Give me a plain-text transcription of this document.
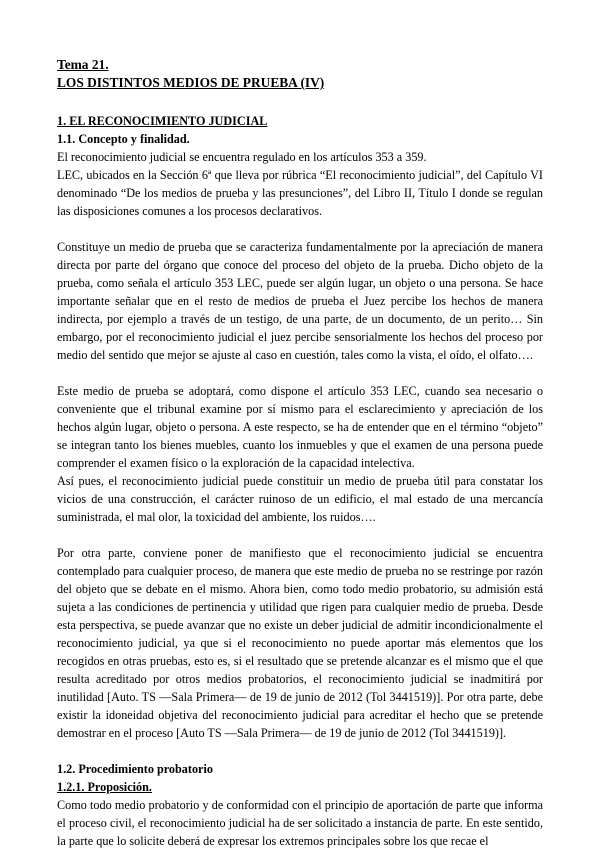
Tema 21.

LOS DISTINTOS MEDIOS DE PRUEBA (IV)

1. EL RECONOCIMIENTO JUDICIAL

1.1. Concepto y finalidad.

El reconocimiento judicial se encuentra regulado en los artículos 353 a 359.

LEC, ubicados en la Sección 6ª que lleva por rúbrica “El reconocimiento judicial”, del Capítulo VI denominado “De los medios de prueba y las presunciones”, del Libro II, Título I donde se regulan las disposiciones comunes a los procesos declarativos.

Constituye un medio de prueba que se caracteriza fundamentalmente por la apreciación de manera directa por parte del órgano que conoce del proceso del objeto de la prueba. Dicho objeto de la prueba, como señala el artículo 353 LEC, puede ser algún lugar, un objeto o una persona. Se hace importante señalar que en el resto de medios de prueba el Juez percibe los hechos de manera indirecta, por ejemplo a través de un testigo, de una parte, de un documento, de un perito… Sin embargo, por el reconocimiento judicial el juez percibe sensorialmente los hechos del proceso por medio del sentido que mejor se ajuste al caso en cuestión, tales como la vista, el oído, el olfato….

Este medio de prueba se adoptará, como dispone el artículo 353 LEC, cuando sea necesario o conveniente que el tribunal examine por sí mismo para el esclarecimiento y apreciación de los hechos algún lugar, objeto o persona. A este respecto, se ha de entender que en el término “objeto” se integran tanto los bienes muebles, cuanto los inmuebles y que el examen de una persona puede comprender el examen físico o la exploración de la capacidad intelectiva.

Así pues, el reconocimiento judicial puede constituir un medio de prueba útil para constatar los vicios de una construcción, el carácter ruinoso de un edificio, el mal estado de una mercancía suministrada, el mal olor, la toxicidad del ambiente, los ruidos….

Por otra parte, conviene poner de manifiesto que el reconocimiento judicial se encuentra contemplado para cualquier proceso, de manera que este medio de prueba no se restringe por razón del objeto que se debate en el mismo. Ahora bien, como todo medio probatorio, su admisión está sujeta a las condiciones de pertinencia y utilidad que rigen para cualquier medio de prueba. Desde esta perspectiva, se puede avanzar que no existe un deber judicial de admitir incondicionalmente el reconocimiento judicial, ya que si el reconocimiento no puede aportar más elementos que los recogidos en otras pruebas, esto es, si el resultado que se pretende alcanzar es el mismo que el que resulta acreditado por otros medios probatorios, el reconocimiento judicial se inadmitirá por inutilidad [Auto. TS —Sala Primera— de 19 de junio de 2012 (Tol 3441519)]. Por otra parte, debe existir la idoneidad objetiva del reconocimiento judicial para acreditar el hecho que se pretende demostrar en el proceso [Auto TS —Sala Primera— de 19 de junio de 2012 (Tol 3441519)].

1.2. Procedimiento probatorio

1.2.1. Proposición.

Como todo medio probatorio y de conformidad con el principio de aportación de parte que informa el proceso civil, el reconocimiento judicial ha de ser solicitado a instancia de parte. En este sentido, la parte que lo solicite deberá de expresar los extremos principales sobre los que recae el
